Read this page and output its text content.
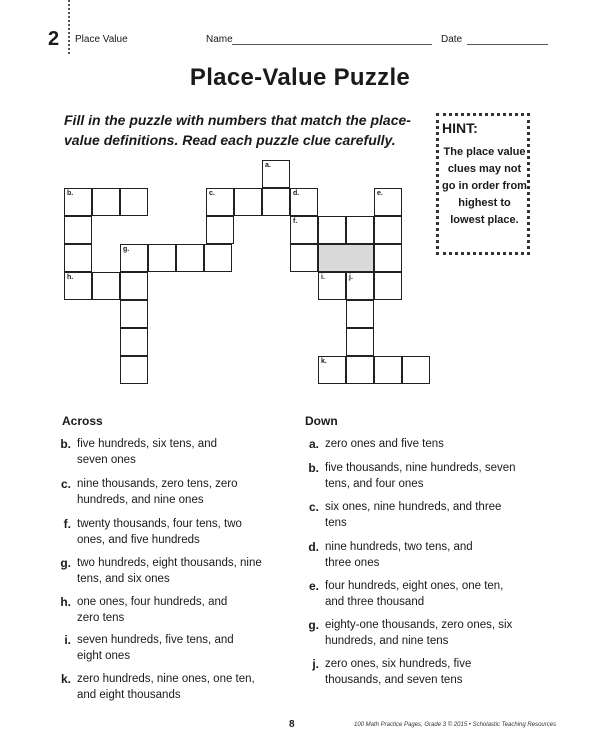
2 Place Value	Name	Date
Place-Value Puzzle
Fill in the puzzle with numbers that match the place-value definitions. Read each puzzle clue carefully.
HINT:
The place value clues may not go in order from highest to lowest place.
a.
b.	c.	d.	e.
f.
g.
h.	i.	j.
k.
Across
b. five hundreds, six tens, and
seven ones
c. nine thousands, zero tens, zero
hundreds, and nine ones
f. twenty thousands, four tens, two
ones, and five hundreds
g. two hundreds, eight thousands, nine
tens, and six ones
h. one ones, four hundreds, and
zero tens
i. seven hundreds, five tens, and
eight ones
k. zero hundreds, nine ones, one ten,
and eight thousands
Down
a. zero ones and five tens
b. five thousands, nine hundreds, seven
tens, and four ones
c. six ones, nine hundreds, and three
tens
d. nine hundreds, two tens, and
three ones
e. four hundreds, eight ones, one ten,
and three thousand
g. eighty-one thousands, zero ones, six
hundreds, and nine tens
j. zero ones, six hundreds, five
thousands, and seven tens
8	100 Math Practice Pages, Grade 3 © 2015 • Scholastic Teaching Resources
